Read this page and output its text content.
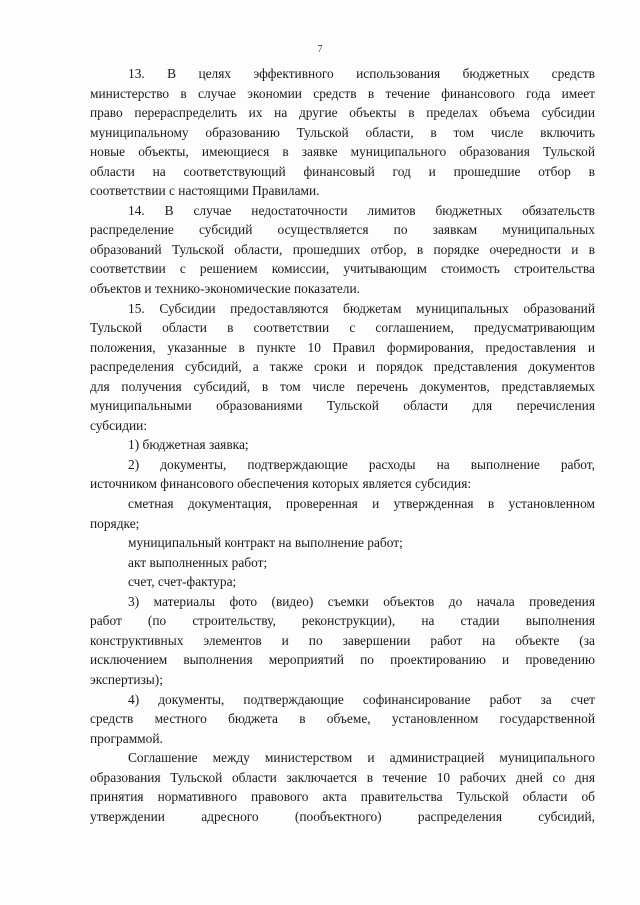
7
13. В целях эффективного использования бюджетных средств
министерство в случае экономии средств в течение финансового года имеет
право перераспределить их на другие объекты в пределах объема субсидии
муниципальному образованию Тульской области, в том числе включить
новые объекты, имеющиеся в заявке муниципального образования Тульской
области на соответствующий финансовый год и прошедшие отбор в
соответствии с настоящими Правилами.
14. В случае недостаточности лимитов бюджетных обязательств
распределение субсидий осуществляется по заявкам муниципальных
образований Тульской области, прошедших отбор, в порядке очередности и в
соответствии с решением комиссии, учитывающим стоимость строительства
объектов и технико-экономические показатели.
15. Субсидии предоставляются бюджетам муниципальных образований
Тульской области в соответствии с соглашением, предусматривающим
положения, указанные в пункте 10 Правил формирования, предоставления и
распределения субсидий, а также сроки и порядок представления документов
для получения субсидий, в том числе перечень документов, представляемых
муниципальными образованиями Тульской области для перечисления
субсидии:
1) бюджетная заявка;
2) документы, подтверждающие расходы на выполнение работ,
источником финансового обеспечения которых является субсидия:
сметная документация, проверенная и утвержденная в установленном
порядке;
муниципальный контракт на выполнение работ;
акт выполненных работ;
счет, счет-фактура;
3) материалы фото (видео) съемки объектов до начала проведения
работ (по строительству, реконструкции), на стадии выполнения
конструктивных элементов и по завершении работ на объекте (за
исключением выполнения мероприятий по проектированию и проведению
экспертизы);
4) документы, подтверждающие софинансирование работ за счет
средств местного бюджета в объеме, установленном государственной
программой.
Соглашение между министерством и администрацией муниципального
образования Тульской области заключается в течение 10 рабочих дней со дня
принятия нормативного правового акта правительства Тульской области об
утверждении адресного (пообъектного) распределения субсидий,
